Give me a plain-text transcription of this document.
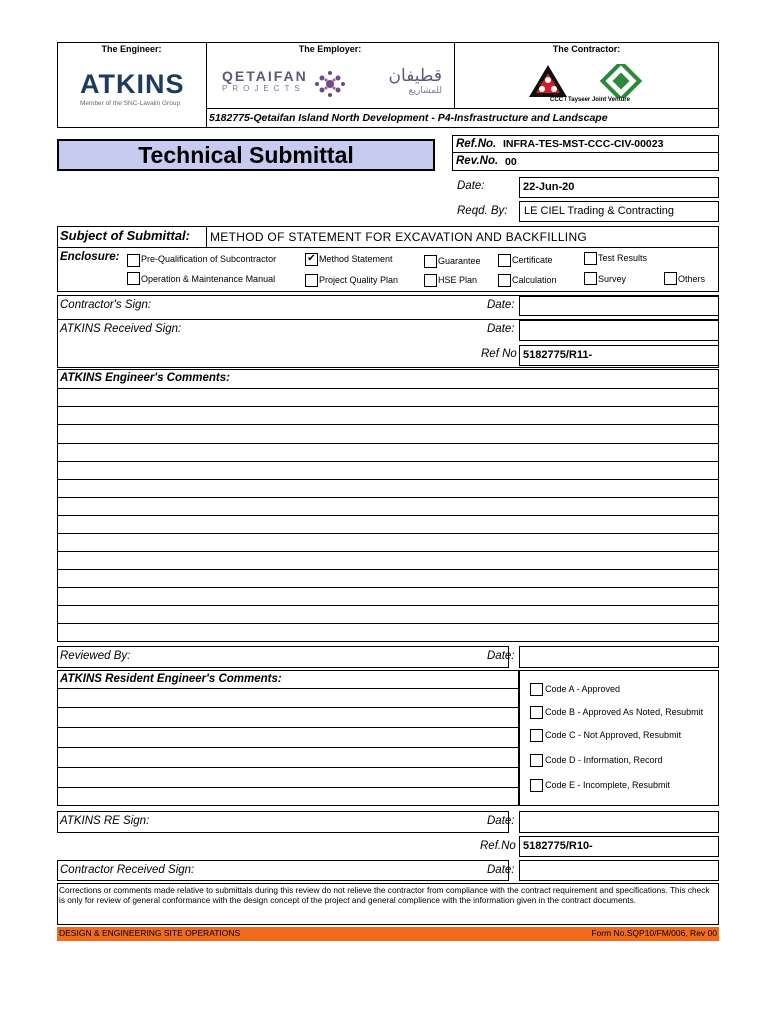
The Engineer:	The Employer:	The Contractor:
ATKINS
Member of the SNC-Lavalin Group
QETAIFAN
PROJECTS
قطيفان
للمشاريع
CCC / Tayseer Joint Venture
5182775-Qetaifan Island North Development - P4-Insfrastructure and Landscape
Technical Submittal	Ref.No. INFRA-TES-MST-CCC-CIV-00023
Rev.No. 00
Date:	22-Jun-20
Reqd. By:	LE CIEL Trading & Contracting
Subject of Submittal: METHOD OF STATEMENT FOR EXCAVATION AND BACKFILLING
Enclosure: Pre-Qualification of Subcontractor	✔ Method Statement	Guarantee	Certificate	Test Results
Operation & Maintenance Manual	Project Quality Plan	HSE Plan	Calculation	Survey	Others
Contractor's Sign:	Date:
ATKINS Received Sign:	Date:
Ref No 5182775/R11-
ATKINS Engineer's Comments:
Reviewed By:	Date:
ATKINS Resident Engineer's Comments:
Code A - Approved
Code B - Approved As Noted, Resubmit
Code C - Not Approved, Resubmit
Code D - Information, Record
Code E - Incomplete, Resubmit
ATKINS RE Sign:	Date:
Ref.No 5182775/R10-
Contractor Received Sign:	Date:
Corrections or comments made relative to submittals during this review do not relieve the contractor from compliance with the contract requirement and specifications. This check is only for review of general conformance with the design concept of the project and general complience with the information given in the contract documents.
DESIGN & ENGINEERING SITE OPERATIONS	Form No.SQP10/FM/006, Rev 00
